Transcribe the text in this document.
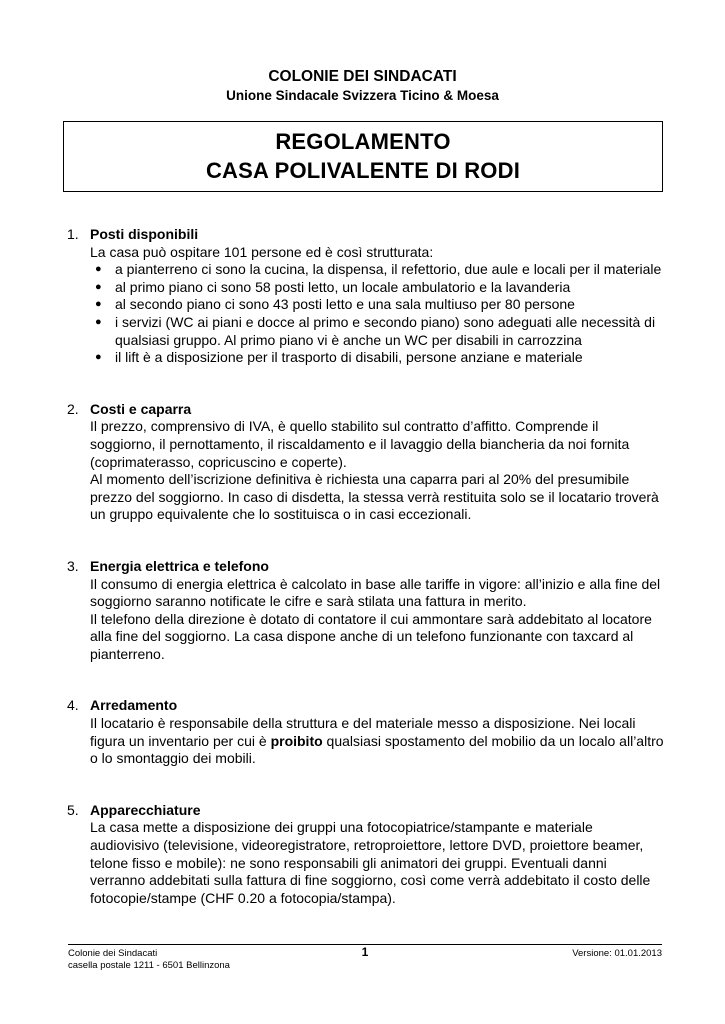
COLONIE DEI SINDACATI
Unione Sindacale Svizzera Ticino & Moesa
REGOLAMENTO
CASA POLIVALENTE DI RODI
1. Posti disponibili
La casa può ospitare 101 persone ed è così strutturata:
● a pianterreno ci sono la cucina, la dispensa, il refettorio, due aule e locali per il materiale
● al primo piano ci sono 58 posti letto, un locale ambulatorio e la lavanderia
● al secondo piano ci sono 43 posti letto e una sala multiuso per 80 persone
● i servizi (WC ai piani e docce al primo e secondo piano) sono adeguati alle necessità di qualsiasi gruppo. Al primo piano vi è anche un WC per disabili in carrozzina
● il lift è a disposizione per il trasporto di disabili, persone anziane e materiale
2. Costi e caparra
Il prezzo, comprensivo di IVA, è quello stabilito sul contratto d’affitto. Comprende il soggiorno, il pernottamento, il riscaldamento e il lavaggio della biancheria da noi fornita (coprimaterasso, copricuscino e coperte).
Al momento dell’iscrizione definitiva è richiesta una caparra pari al 20% del presumibile prezzo del soggiorno. In caso di disdetta, la stessa verrà restituita solo se il locatario troverà un gruppo equivalente che lo sostituisca o in casi eccezionali.
3. Energia elettrica e telefono
Il consumo di energia elettrica è calcolato in base alle tariffe in vigore: all’inizio e alla fine del soggiorno saranno notificate le cifre e sarà stilata una fattura in merito.
Il telefono della direzione è dotato di contatore il cui ammontare sarà addebitato al locatore alla fine del soggiorno. La casa dispone anche di un telefono funzionante con taxcard al pianterreno.
4. Arredamento
Il locatario è responsabile della struttura e del materiale messo a disposizione. Nei locali figura un inventario per cui è proibito qualsiasi spostamento del mobilio da un localo all’altro o lo smontaggio dei mobili.
5. Apparecchiature
La casa mette a disposizione dei gruppi una fotocopiatrice/stampante e materiale audiovisivo (televisione, videoregistratore, retroproiettore, lettore DVD, proiettore beamer, telone fisso e mobile): ne sono responsabili gli animatori dei gruppi. Eventuali danni verranno addebitati sulla fattura di fine soggiorno, così come verrà addebitato il costo delle fotocopie/stampe (CHF 0.20 a fotocopia/stampa).
Colonie dei Sindacati
casella postale 1211 - 6501 Bellinzona
1	Versione: 01.01.2013
